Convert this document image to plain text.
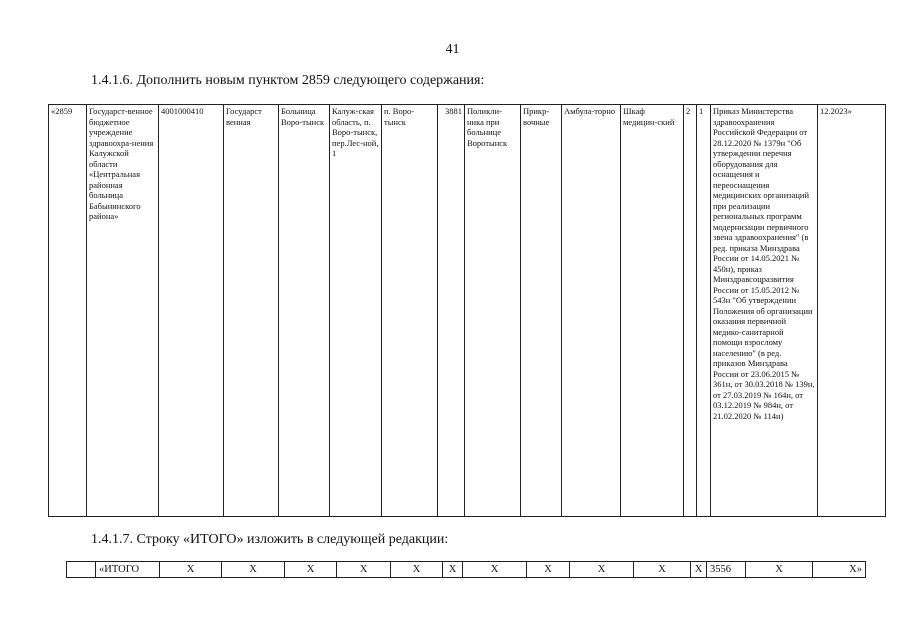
41
1.4.1.6. Дополнить новым пунктом 2859 следующего содержания:
«2859	Государст-венное бюджетное учреждение здравоохра-нения Калужской области «Центральная районная больница Бабынинского района»	4001000410	Государст венная	Больница Воро-тынск	Калуж-ская область, п. Воро-тынск, пер.Лес-ной, 1	п. Воро-тынск	3881	Поликли-ника при больнице Воротынск	Прикр-вочные	Амбула-торно	Шкаф медицин-ский	2	1	Приказ Министерства здравоохранения Российской Федерации от 28.12.2020 № 1379н "Об утверждении перечня оборудования для оснащения и переоснащения медицинских организаций при реализации региональных программ модернизации первичного звена здравоохранения" (в ред. приказа Минздрава России от 14.05.2021 № 450н), приказ Минздравсоцразвития России от 15.05.2012 № 543н "Об утверждении Положения об организации оказания первичной медико-санитарной помощи взрослому населению" (в ред. приказов Минздрава России от 23.06.2015 № 361н, от 30.03.2018 № 139н, от 27.03.2019 № 164н, от 03.12.2019 № 984н, от 21.02.2020 № 114н)	12.2023»
1.4.1.7. Строку «ИТОГО» изложить в следующей редакции:
	«ИТОГО	Х	Х	Х	Х	Х	Х	Х	Х	Х	Х	Х	3556	Х	Х»
